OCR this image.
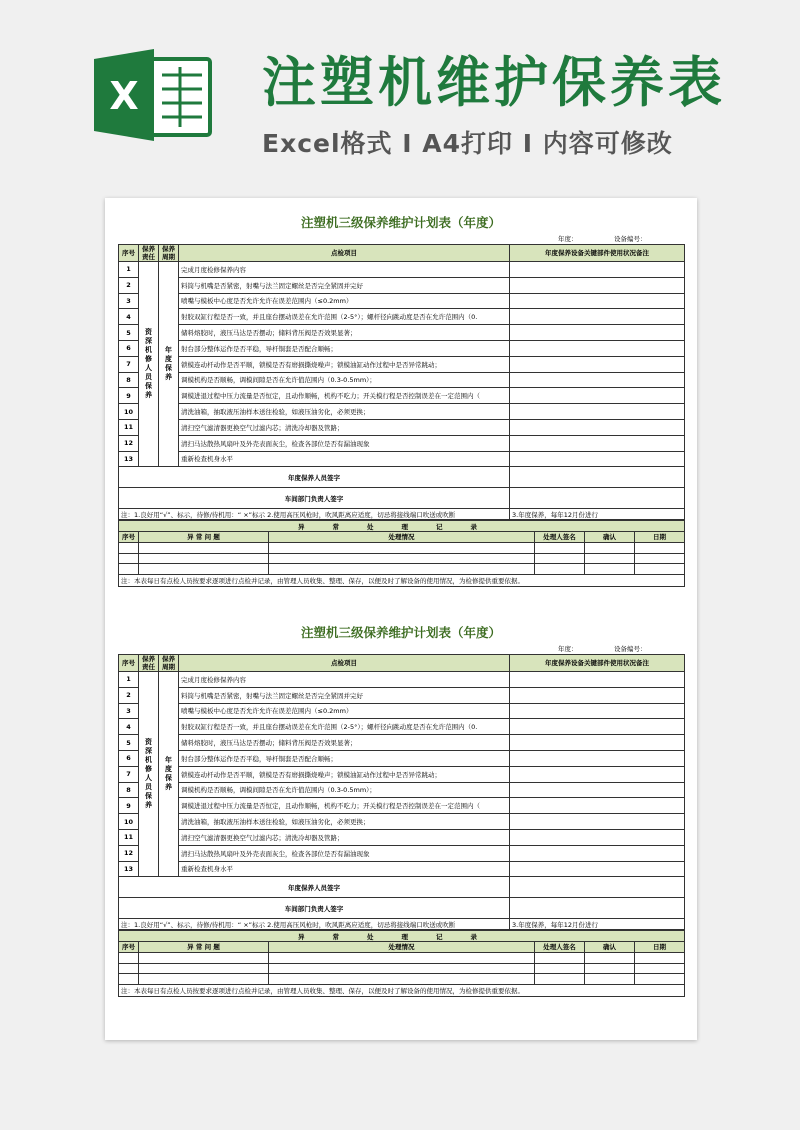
X 注塑机维护保养表
Excel格式 I A4打印 I 内容可修改
注塑机三级保养维护计划表（年度）
年度：	设备编号：
序号	保养责任	保养周期	点检项目	年度保养设备关键部件使用状况备注
1	资深机修人员保养	年度保养	完成月度检修保养内容	
2			料筒与机嘴是否紧密，射嘴与法兰固定螺丝是否完全紧固并完好	
3			喷嘴与模板中心度是否允许允许在误差范围内（≤0.2mm）	
4			射胶双缸行程是否一致，并且座台摆动误差在允许范围（2-5°）；螺杆径向跳动度是否在允许范围内（0.	
5			储料熔胶时，液压马达是否摆动；储料背压阀是否效果显著；	
6			射台部分整体运作是否平稳，导杆铜套是否配合顺畅；	
7			锁模连动杆动作是否平顺，锁模是否有磨损撕烧噪声；锁模油缸动作过程中是否异常跳动；	
8			调模机构是否顺畅，调模间隙是否在允许值范围内（0.3-0.5mm）；	
9			调模进退过程中压力流量是否恒定，且动作顺畅，机构不吃力；开关模行程是否控制误差在一定范围内（	
10			清洗油箱，抽取液压油样本送往检验，如液压油劣化，必须更换；	
11			清扫空气滤清器更换空气过滤内芯；清洗冷却器及管路；	
12			清扫马达散热风扇叶及外壳表面灰尘，检查各部位是否有漏油现象	
13			重新检查机身水平	
年度保养人员签字				
车间部门负责人签字				
注：1.良好用“√”、标示，待修/待机用：“ ×”标示 2.使用高压风枪时，吹风距离应适度，切忌将接线端口吹送或吹断				3.年度保养，每年12月份进行
异常处理记录					
序号	异 常 问 题	处理情况	处理人签名	确认	日期

注：本表每日有点检人员按要求逐项进行点检并记录，由管理人员收集、整理、保存，以便及时了解设备的使用情况，为检修提供重要依据。					
注塑机三级保养维护计划表（年度）
年度：	设备编号：
序号	保养责任	保养周期	点检项目	年度保养设备关键部件使用状况备注
1	资深机修人员保养	年度保养	完成月度检修保养内容	
2			料筒与机嘴是否紧密，射嘴与法兰固定螺丝是否完全紧固并完好	
3			喷嘴与模板中心度是否允许允许在误差范围内（≤0.2mm）	
4			射胶双缸行程是否一致，并且座台摆动误差在允许范围（2-5°）；螺杆径向跳动度是否在允许范围内（0.	
5			储料熔胶时，液压马达是否摆动；储料背压阀是否效果显著；	
6			射台部分整体运作是否平稳，导杆铜套是否配合顺畅；	
7			锁模连动杆动作是否平顺，锁模是否有磨损撕烧噪声；锁模油缸动作过程中是否异常跳动；	
8			调模机构是否顺畅，调模间隙是否在允许值范围内（0.3-0.5mm）；	
9			调模进退过程中压力流量是否恒定，且动作顺畅，机构不吃力；开关模行程是否控制误差在一定范围内（	
10			清洗油箱，抽取液压油样本送往检验，如液压油劣化，必须更换；	
11			清扫空气滤清器更换空气过滤内芯；清洗冷却器及管路；	
12			清扫马达散热风扇叶及外壳表面灰尘，检查各部位是否有漏油现象	
13			重新检查机身水平	
年度保养人员签字				
车间部门负责人签字				
注：1.良好用“√”、标示，待修/待机用：“ ×”标示 2.使用高压风枪时，吹风距离应适度，切忌将接线端口吹送或吹断				3.年度保养，每年12月份进行
异常处理记录					
序号	异 常 问 题	处理情况	处理人签名	确认	日期

注：本表每日有点检人员按要求逐项进行点检并记录，由管理人员收集、整理、保存，以便及时了解设备的使用情况，为检修提供重要依据。					
